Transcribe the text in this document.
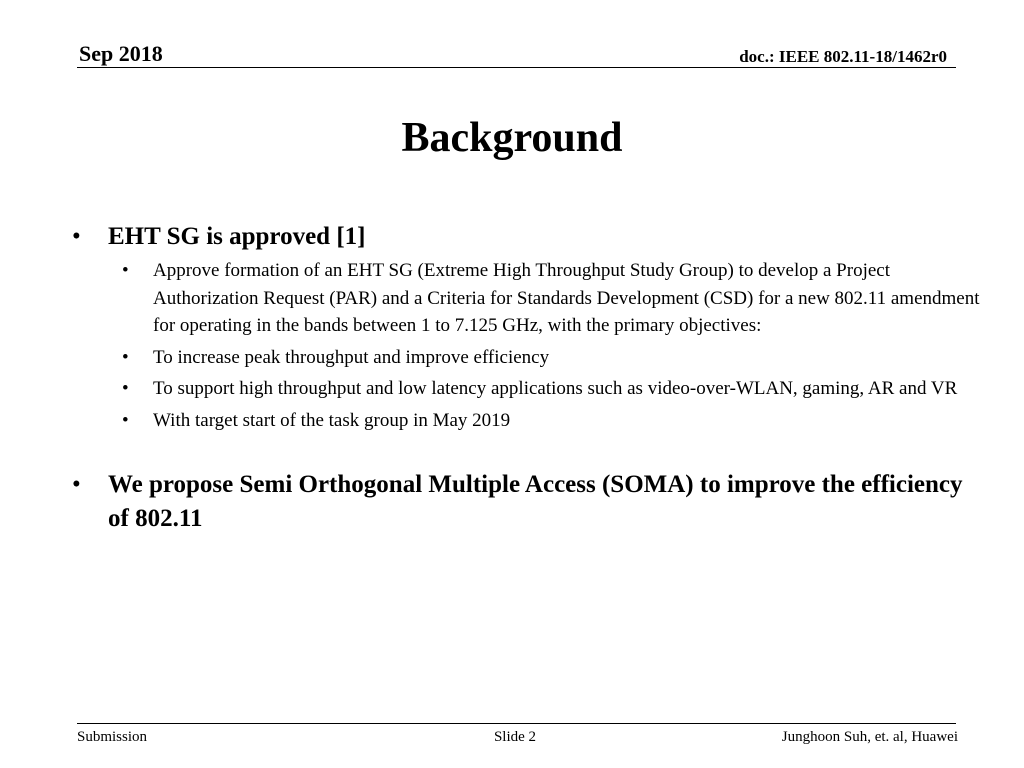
Sep 2018	doc.: IEEE 802.11-18/1462r0
Background
• EHT SG is approved [1]
• Approve formation of an EHT SG (Extreme High Throughput Study Group) to develop a Project Authorization Request (PAR) and a Criteria for Standards Development (CSD) for a new 802.11 amendment for operating in the bands between 1 to 7.125 GHz, with the primary objectives:
• To increase peak throughput and improve efficiency
• To support high throughput and low latency applications such as video-over-WLAN, gaming, AR and VR
• With target start of the task group in May 2019
• We propose Semi Orthogonal Multiple Access (SOMA) to improve the efficiency of 802.11
Submission	Slide 2	Junghoon Suh, et. al, Huawei
